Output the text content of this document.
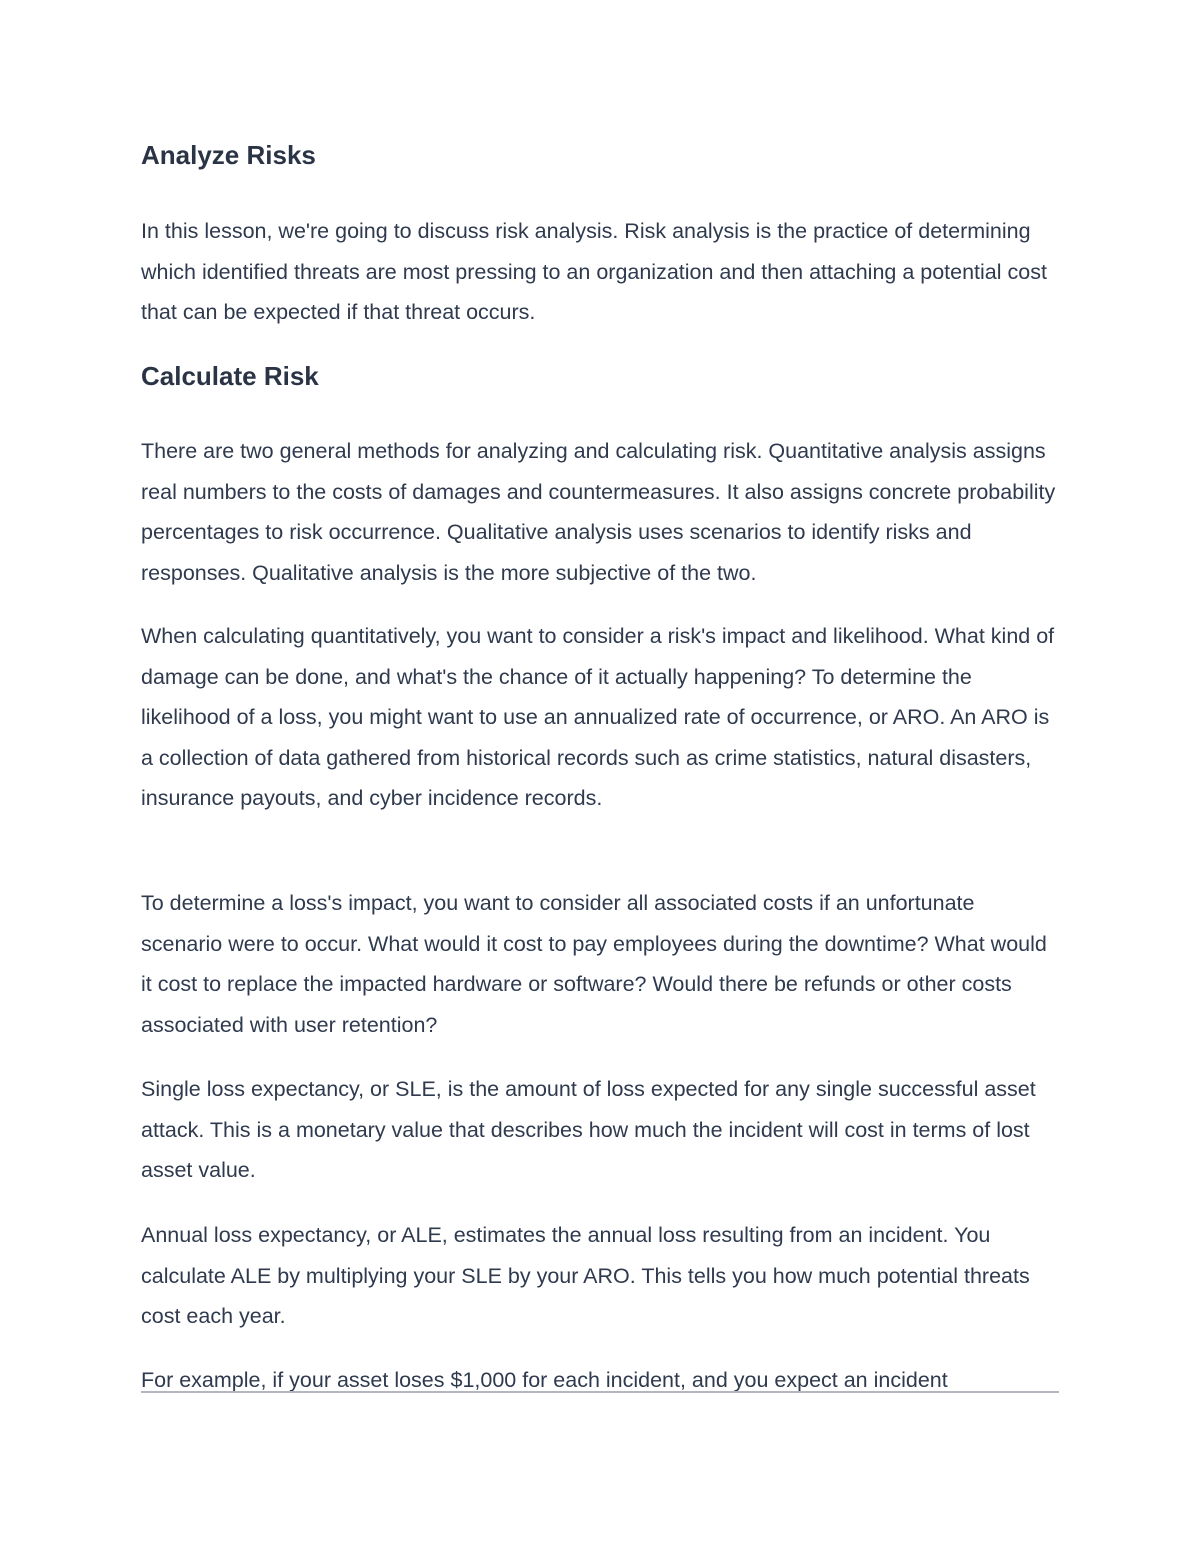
Analyze Risks

In this lesson, we're going to discuss risk analysis. Risk analysis is the practice of determining which identified threats are most pressing to an organization and then attaching a potential cost that can be expected if that threat occurs.

Calculate Risk

There are two general methods for analyzing and calculating risk. Quantitative analysis assigns real numbers to the costs of damages and countermeasures. It also assigns concrete probability percentages to risk occurrence. Qualitative analysis uses scenarios to identify risks and responses. Qualitative analysis is the more subjective of the two.

When calculating quantitatively, you want to consider a risk's impact and likelihood. What kind of damage can be done, and what's the chance of it actually happening? To determine the likelihood of a loss, you might want to use an annualized rate of occurrence, or ARO. An ARO is a collection of data gathered from historical records such as crime statistics, natural disasters, insurance payouts, and cyber incidence records.

To determine a loss's impact, you want to consider all associated costs if an unfortunate scenario were to occur. What would it cost to pay employees during the downtime? What would it cost to replace the impacted hardware or software? Would there be refunds or other costs associated with user retention?

Single loss expectancy, or SLE, is the amount of loss expected for any single successful asset attack. This is a monetary value that describes how much the incident will cost in terms of lost asset value.

Annual loss expectancy, or ALE, estimates the annual loss resulting from an incident. You calculate ALE by multiplying your SLE by your ARO. This tells you how much potential threats cost each year.

For example, if your asset loses $1,000 for each incident, and you expect an incident
